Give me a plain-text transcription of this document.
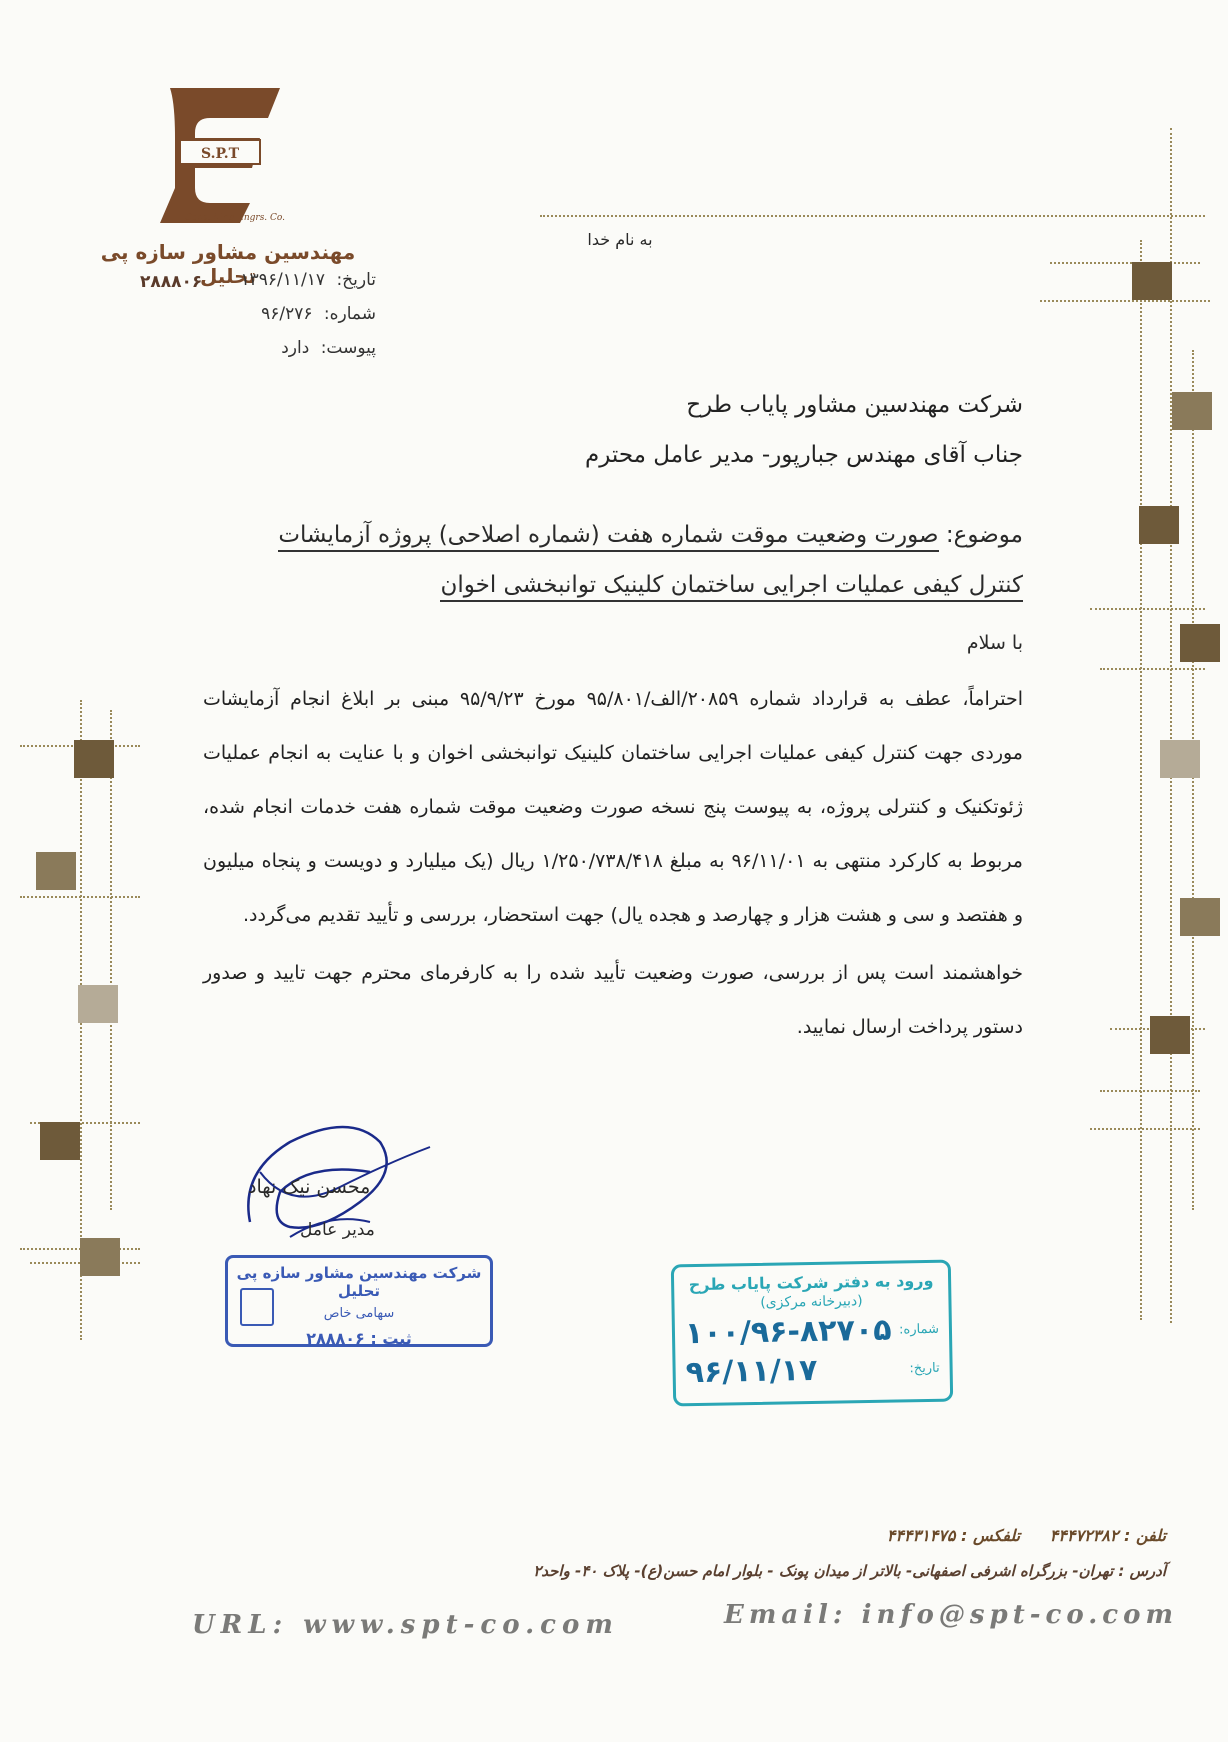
S.P.T
Consulting Engrs. Co.
مهندسین مشاور سازه پی تحلیل
۲۸۸۸۰۶	تاریخ: ۱۳۹۶/۱۱/۱۷
شماره: ۹۶/۲۷۶
پیوست: دارد
به نام خدا
شرکت مهندسین مشاور پایاب طرح
جناب آقای مهندس جبارپور- مدیر عامل محترم
موضوع: صورت وضعیت موقت شماره هفت (شماره اصلاحی) پروژه آزمایشات
کنترل کیفی عملیات اجرایی ساختمان کلینیک توانبخشی اخوان
با سلام

احتراماً، عطف به قرارداد شماره ۲۰۸۵۹/الف/۹۵/۸۰۱ مورخ ۹۵/۹/۲۳ مبنی بر ابلاغ انجام آزمایشات موردی جهت کنترل کیفی عملیات اجرایی ساختمان کلینیک توانبخشی اخوان و با عنایت به انجام عملیات ژئوتکنیک و کنترلی پروژه، به پیوست پنج نسخه صورت وضعیت موقت شماره هفت خدمات انجام شده، مربوط به کارکرد منتهی به ۹۶/۱۱/۰۱ به مبلغ ۱/۲۵۰/۷۳۸/۴۱۸ ریال (یک میلیارد و دویست و پنجاه میلیون و هفتصد و سی و هشت هزار و چهارصد و هجده یال) جهت استحضار، بررسی و تأیید تقدیم می‌گردد.

خواهشمند است پس از بررسی، صورت وضعیت تأیید شده را به کارفرمای محترم جهت تایید و صدور دستور پرداخت ارسال نمایید.

محسن نیک نهاد
مدیر عامل
شرکت مهندسین مشاور سازه پی تحلیل
سهامی خاص
ثبت : ۲۸۸۸۰۶
ورود به دفتر شرکت پایاب طرح
(دبیرخانه مرکزی)
شماره:
۱۰۰/۹۶-۸۲۷۰۵
تاریخ:
۹۶/۱۱/۱۷
تلفن : ۴۴۴۷۲۳۸۲ تلفکس : ۴۴۴۳۱۴۷۵
آدرس : تهران- بزرگراه اشرفی اصفهانی- بالاتر از میدان پونک - بلوار امام حسن(ع)- پلاک ۴۰- واحد۲
URL: www.spt-co.com	Email: info@spt-co.com
